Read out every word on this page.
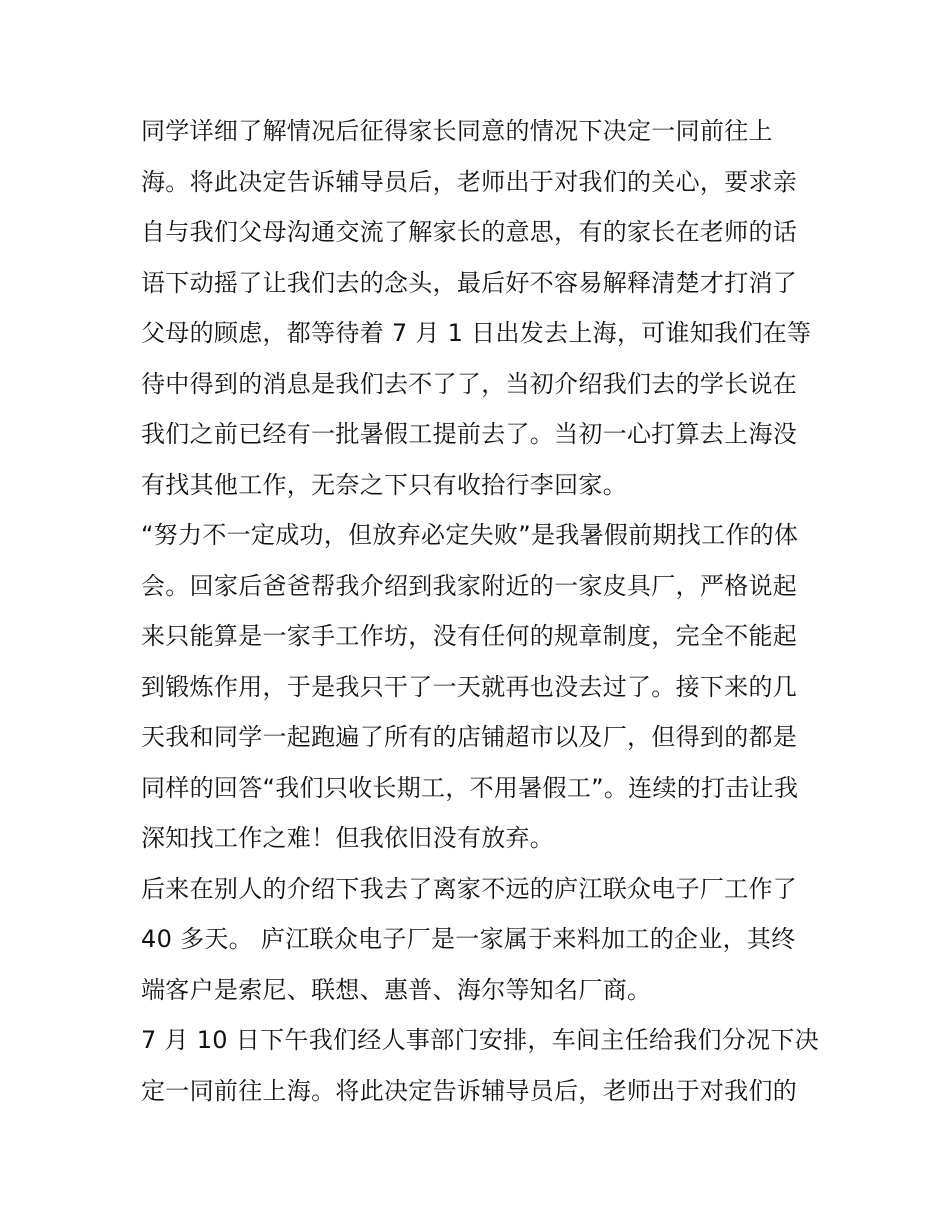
同学详细了解情况后征得家长同意的情况下决定一同前往上
海。将此决定告诉辅导员后，老师出于对我们的关心，要求亲
自与我们父母沟通交流了解家长的意思，有的家长在老师的话
语下动摇了让我们去的念头，最后好不容易解释清楚才打消了
父母的顾虑，都等待着 7 月 1 日出发去上海，可谁知我们在等
待中得到的消息是我们去不了了，当初介绍我们去的学长说在
我们之前已经有一批暑假工提前去了。当初一心打算去上海没
有找其他工作，无奈之下只有收拾行李回家。
“努力不一定成功，但放弃必定失败”是我暑假前期找工作的体
会。回家后爸爸帮我介绍到我家附近的一家皮具厂，严格说起
来只能算是一家手工作坊，没有任何的规章制度，完全不能起
到锻炼作用，于是我只干了一天就再也没去过了。接下来的几
天我和同学一起跑遍了所有的店铺超市以及厂，但得到的都是
同样的回答“我们只收长期工，不用暑假工”。连续的打击让我
深知找工作之难！但我依旧没有放弃。
后来在别人的介绍下我去了离家不远的庐江联众电子厂工作了
40 多天。 庐江联众电子厂是一家属于来料加工的企业，其终
端客户是索尼、联想、惠普、海尔等知名厂商。
7 月 10 日下午我们经人事部门安排，车间主任给我们分况下决
定一同前往上海。将此决定告诉辅导员后，老师出于对我们的
